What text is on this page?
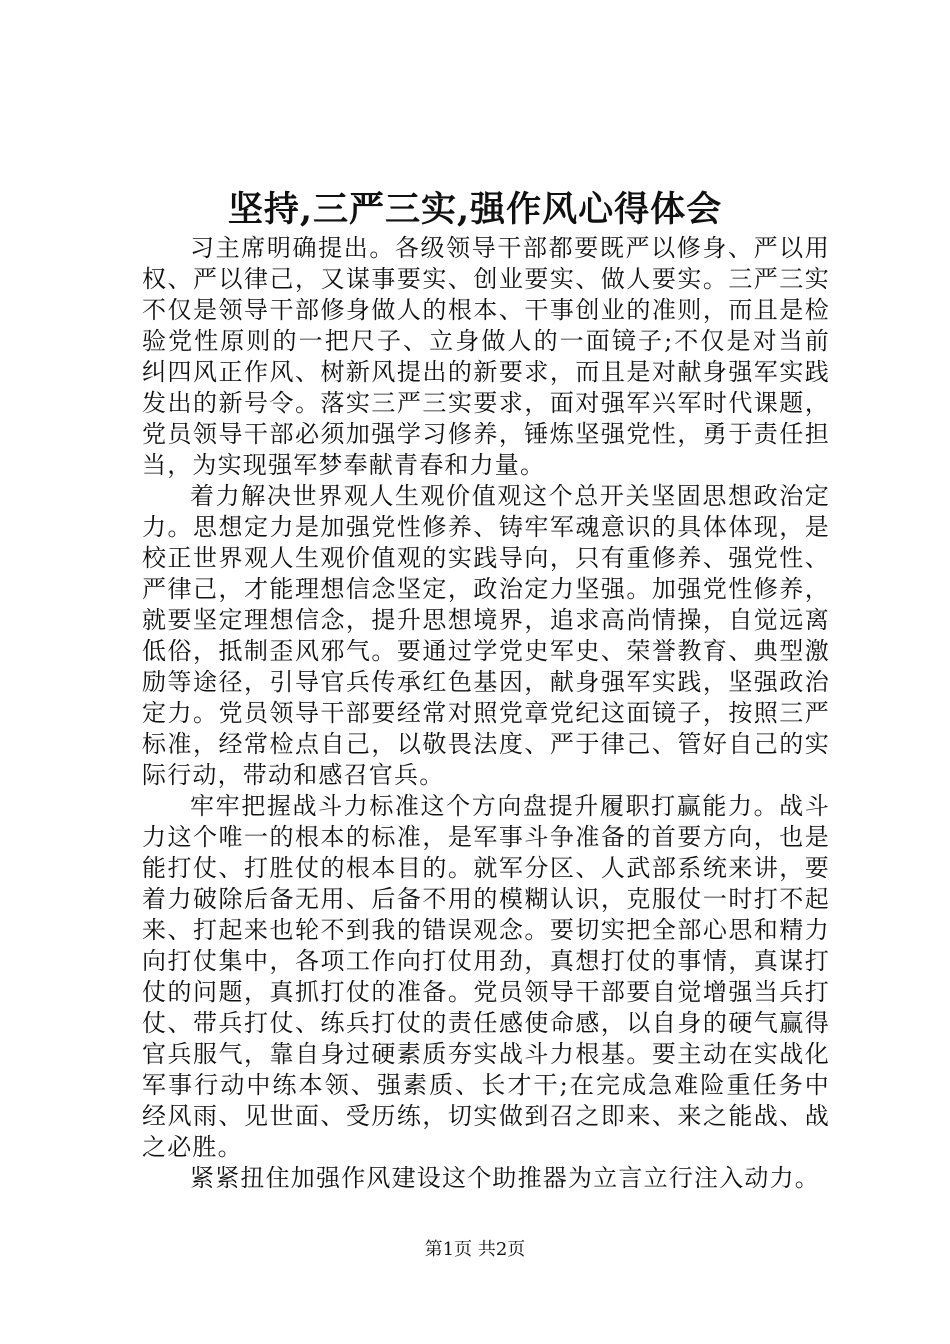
坚持,三严三实,强作风心得体会

习主席明确提出。各级领导干部都要既严以修身、严以用权、严以律己，又谋事要实、创业要实、做人要实。三严三实不仅是领导干部修身做人的根本、干事创业的准则，而且是检验党性原则的一把尺子、立身做人的一面镜子;不仅是对当前纠四风正作风、树新风提出的新要求，而且是对献身强军实践发出的新号令。落实三严三实要求，面对强军兴军时代课题，党员领导干部必须加强学习修养，锤炼坚强党性，勇于责任担当，为实现强军梦奉献青春和力量。

着力解决世界观人生观价值观这个总开关坚固思想政治定力。思想定力是加强党性修养、铸牢军魂意识的具体体现，是校正世界观人生观价值观的实践导向，只有重修养、强党性、严律己，才能理想信念坚定，政治定力坚强。加强党性修养，就要坚定理想信念，提升思想境界，追求高尚情操，自觉远离低俗，抵制歪风邪气。要通过学党史军史、荣誉教育、典型激励等途径，引导官兵传承红色基因，献身强军实践，坚强政治定力。党员领导干部要经常对照党章党纪这面镜子，按照三严标准，经常检点自己，以敬畏法度、严于律己、管好自己的实际行动，带动和感召官兵。

牢牢把握战斗力标准这个方向盘提升履职打赢能力。战斗力这个唯一的根本的标准，是军事斗争准备的首要方向，也是能打仗、打胜仗的根本目的。就军分区、人武部系统来讲，要着力破除后备无用、后备不用的模糊认识，克服仗一时打不起来、打起来也轮不到我的错误观念。要切实把全部心思和精力向打仗集中，各项工作向打仗用劲，真想打仗的事情，真谋打仗的问题，真抓打仗的准备。党员领导干部要自觉增强当兵打仗、带兵打仗、练兵打仗的责任感使命感，以自身的硬气赢得官兵服气，靠自身过硬素质夯实战斗力根基。要主动在实战化军事行动中练本领、强素质、长才干;在完成急难险重任务中经风雨、见世面、受历练，切实做到召之即来、来之能战、战之必胜。

紧紧扭住加强作风建设这个助推器为立言立行注入动力。

第1页 共2页
